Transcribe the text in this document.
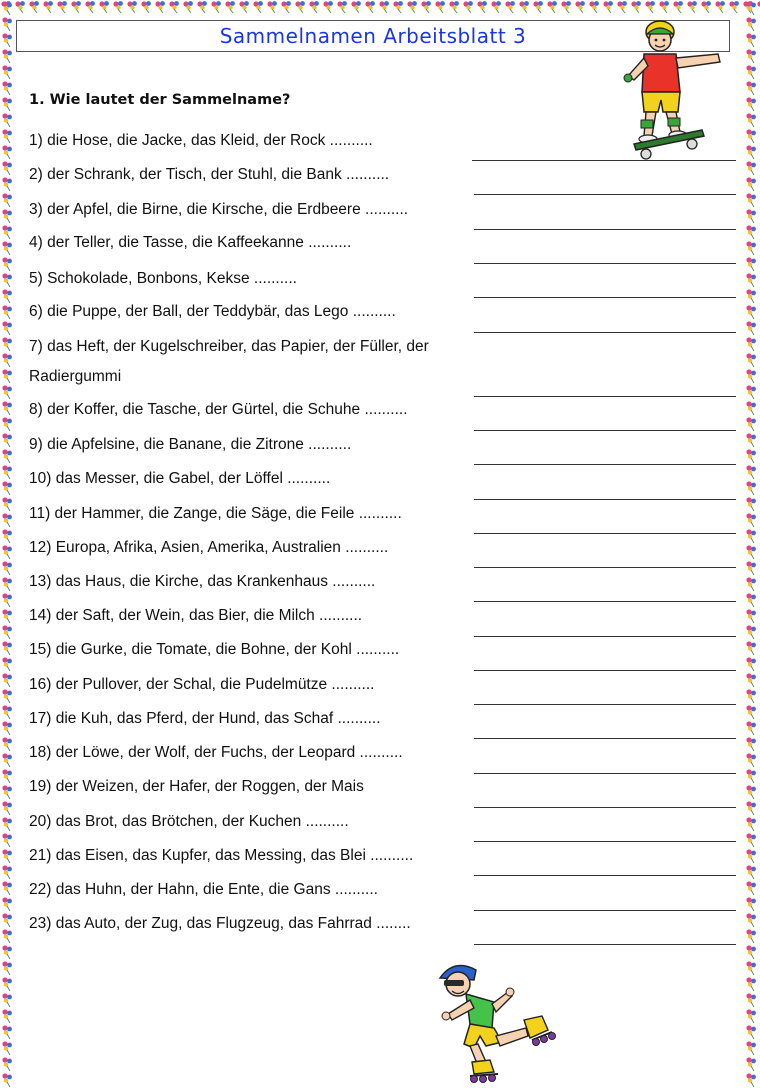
Sammelnamen Arbeitsblatt 3
1. Wie lautet der Sammelname?
1) die Hose, die Jacke, das Kleid, der Rock ..........
2) der Schrank, der Tisch, der Stuhl, die Bank ..........
3) der Apfel, die Birne, die Kirsche, die Erdbeere ..........
4) der Teller, die Tasse, die Kaffeekanne ..........
5) Schokolade, Bonbons, Kekse ..........
6) die Puppe, der Ball, der Teddybär, das Lego ..........
7) das Heft, der Kugelschreiber, das Papier, der Füller, der Radiergummi
8) der Koffer, die Tasche, der Gürtel, die Schuhe ..........
9) die Apfelsine, die Banane, die Zitrone ..........
10) das Messer, die Gabel, der Löffel ..........
11) der Hammer, die Zange, die Säge, die Feile ..........
12) Europa, Afrika, Asien, Amerika, Australien ..........
13) das Haus, die Kirche, das Krankenhaus ..........
14) der Saft, der Wein, das Bier, die Milch ..........
15) die Gurke, die Tomate, die Bohne, der Kohl ..........
16) der Pullover, der Schal, die Pudelmütze ..........
17) die Kuh, das Pferd, der Hund, das Schaf ..........
18) der Löwe, der Wolf, der Fuchs, der Leopard ..........
19) der Weizen, der Hafer, der Roggen, der Mais
20) das Brot, das Brötchen, der Kuchen ..........
21) das Eisen, das Kupfer, das Messing, das Blei ..........
22) das Huhn, der Hahn, die Ente, die Gans ..........
23) das Auto, der Zug, das Flugzeug, das Fahrrad ........
